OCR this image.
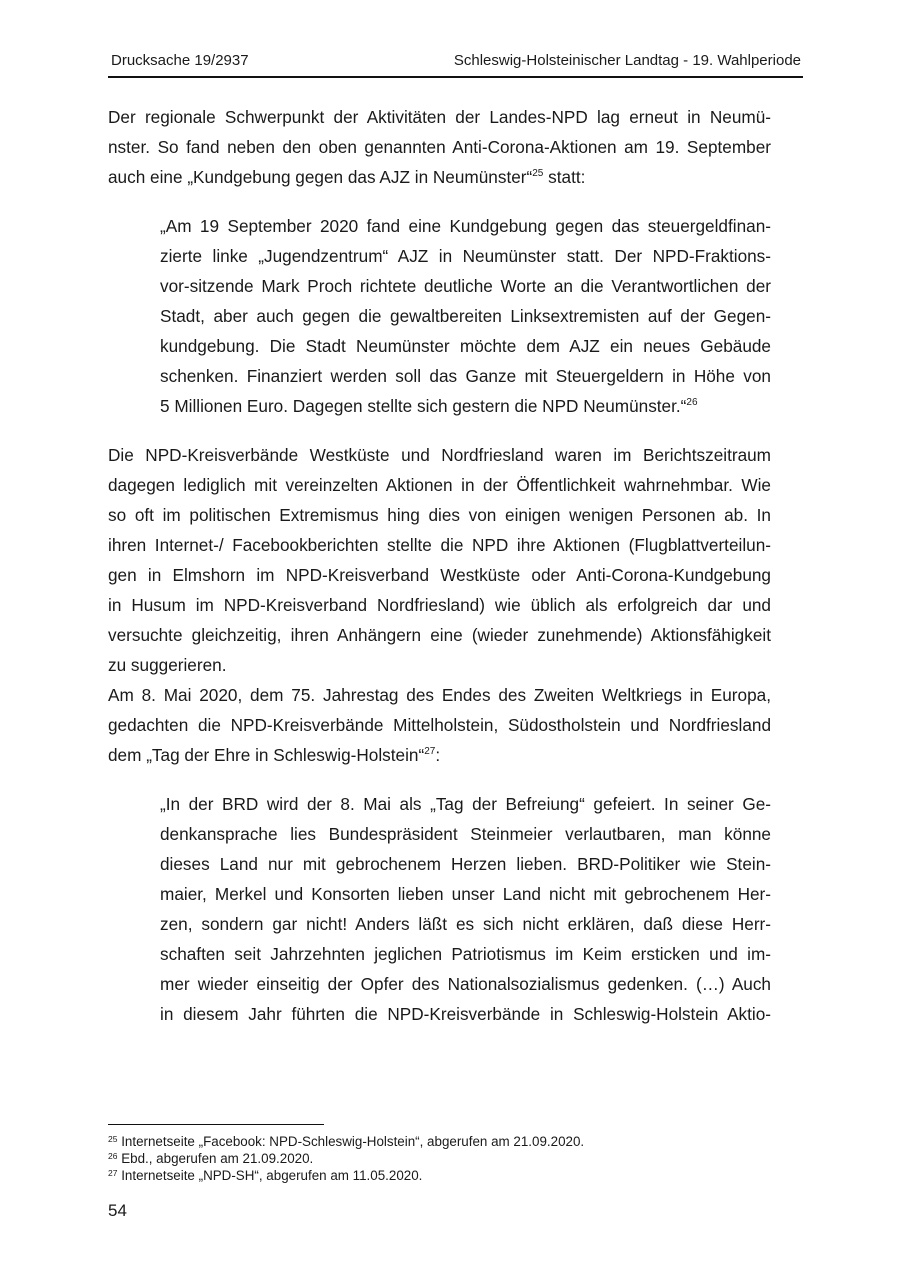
Drucksache 19/2937	Schleswig-Holsteinischer Landtag - 19. Wahlperiode
Der regionale Schwerpunkt der Aktivitäten der Landes-NPD lag erneut in Neumü-
nster. So fand neben den oben genannten Anti-Corona-Aktionen am 19. September
auch eine „Kundgebung gegen das AJZ in Neumünster“$^{25}$ statt:
„Am 19 September 2020 fand eine Kundgebung gegen das steuergeldfinan-
zierte linke „Jugendzentrum“ AJZ in Neumünster statt. Der NPD-Fraktions-
vor-sitzende Mark Proch richtete deutliche Worte an die Verantwortlichen der
Stadt, aber auch gegen die gewaltbereiten Linksextremisten auf der Gegen-
kundgebung. Die Stadt Neumünster möchte dem AJZ ein neues Gebäude
schenken. Finanziert werden soll das Ganze mit Steuergeldern in Höhe von
5 Millionen Euro. Dagegen stellte sich gestern die NPD Neumünster.“$^{26}$
Die NPD-Kreisverbände Westküste und Nordfriesland waren im Berichtszeitraum
dagegen lediglich mit vereinzelten Aktionen in der Öffentlichkeit wahrnehmbar. Wie
so oft im politischen Extremismus hing dies von einigen wenigen Personen ab. In
ihren Internet-/ Facebookberichten stellte die NPD ihre Aktionen (Flugblattverteilun-
gen in Elmshorn im NPD-Kreisverband Westküste oder Anti-Corona-Kundgebung
in Husum im NPD-Kreisverband Nordfriesland) wie üblich als erfolgreich dar und
versuchte gleichzeitig, ihren Anhängern eine (wieder zunehmende) Aktionsfähigkeit
zu suggerieren.
Am 8. Mai 2020, dem 75. Jahrestag des Endes des Zweiten Weltkriegs in Europa,
gedachten die NPD-Kreisverbände Mittelholstein, Südostholstein und Nordfriesland
dem „Tag der Ehre in Schleswig-Holstein“$^{27}$:
„In der BRD wird der 8. Mai als „Tag der Befreiung“ gefeiert. In seiner Ge-
denkansprache lies Bundespräsident Steinmeier verlautbaren, man könne
dieses Land nur mit gebrochenem Herzen lieben. BRD-Politiker wie Stein-
maier, Merkel und Konsorten lieben unser Land nicht mit gebrochenem Her-
zen, sondern gar nicht! Anders läßt es sich nicht erklären, daß diese Herr-
schaften seit Jahrzehnten jeglichen Patriotismus im Keim ersticken und im-
mer wieder einseitig der Opfer des Nationalsozialismus gedenken. (…) Auch
in diesem Jahr führten die NPD-Kreisverbände in Schleswig-Holstein Aktio-
$^{25}$ Internetseite „Facebook: NPD-Schleswig-Holstein“, abgerufen am 21.09.2020.
$^{26}$ Ebd., abgerufen am 21.09.2020.
$^{27}$ Internetseite „NPD-SH“, abgerufen am 11.05.2020.
54
